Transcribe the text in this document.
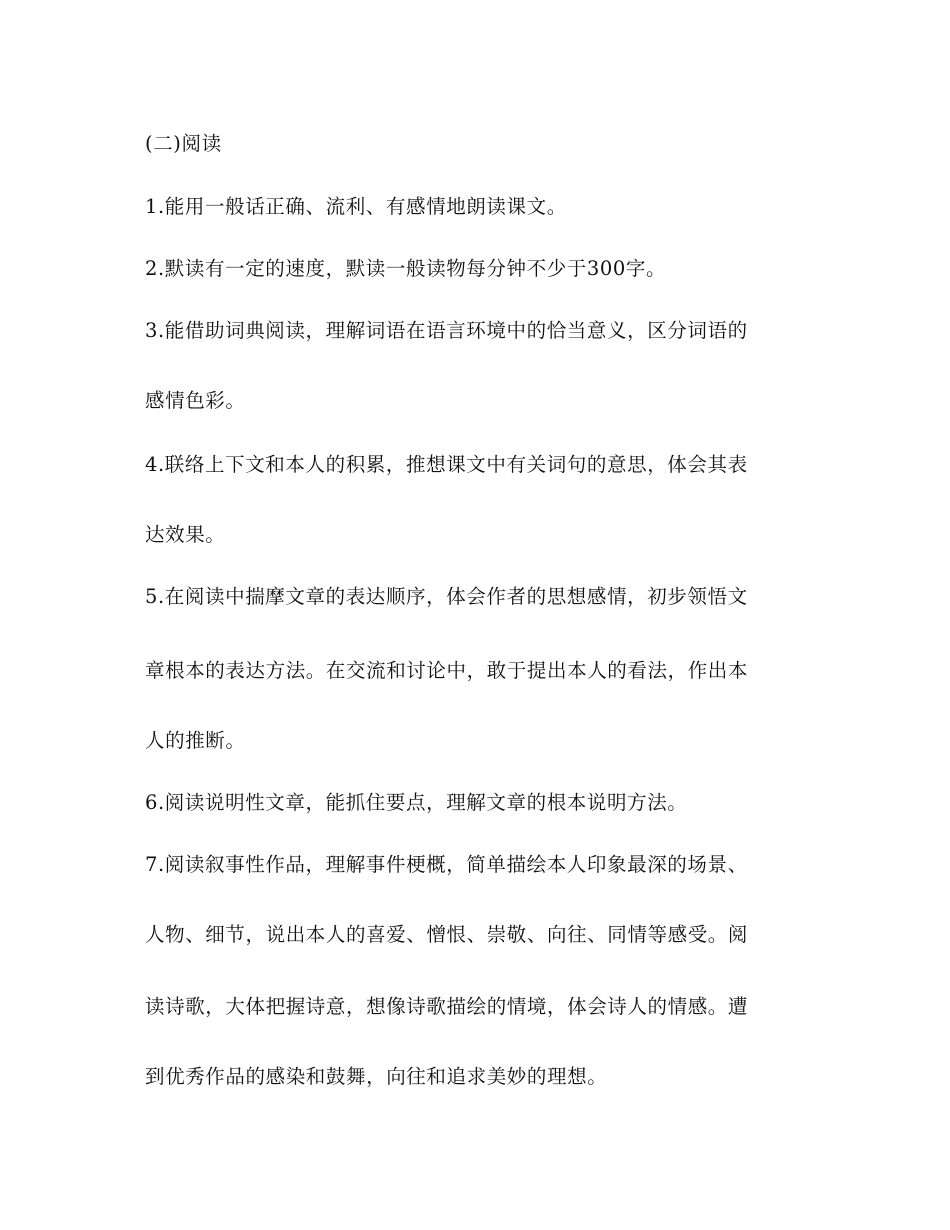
(二)阅读
1.能用一般话正确、流利、有感情地朗读课文。
2.默读有一定的速度，默读一般读物每分钟不少于300字。
3.能借助词典阅读，理解词语在语言环境中的恰当意义，区分词语的
感情色彩。
4.联络上下文和本人的积累，推想课文中有关词句的意思，体会其表
达效果。
5.在阅读中揣摩文章的表达顺序，体会作者的思想感情，初步领悟文
章根本的表达方法。在交流和讨论中，敢于提出本人的看法，作出本
人的推断。
6.阅读说明性文章，能抓住要点，理解文章的根本说明方法。
7.阅读叙事性作品，理解事件梗概，简单描绘本人印象最深的场景、
人物、细节，说出本人的喜爱、憎恨、崇敬、向往、同情等感受。阅
读诗歌，大体把握诗意，想像诗歌描绘的情境，体会诗人的情感。遭
到优秀作品的感染和鼓舞，向往和追求美妙的理想。
